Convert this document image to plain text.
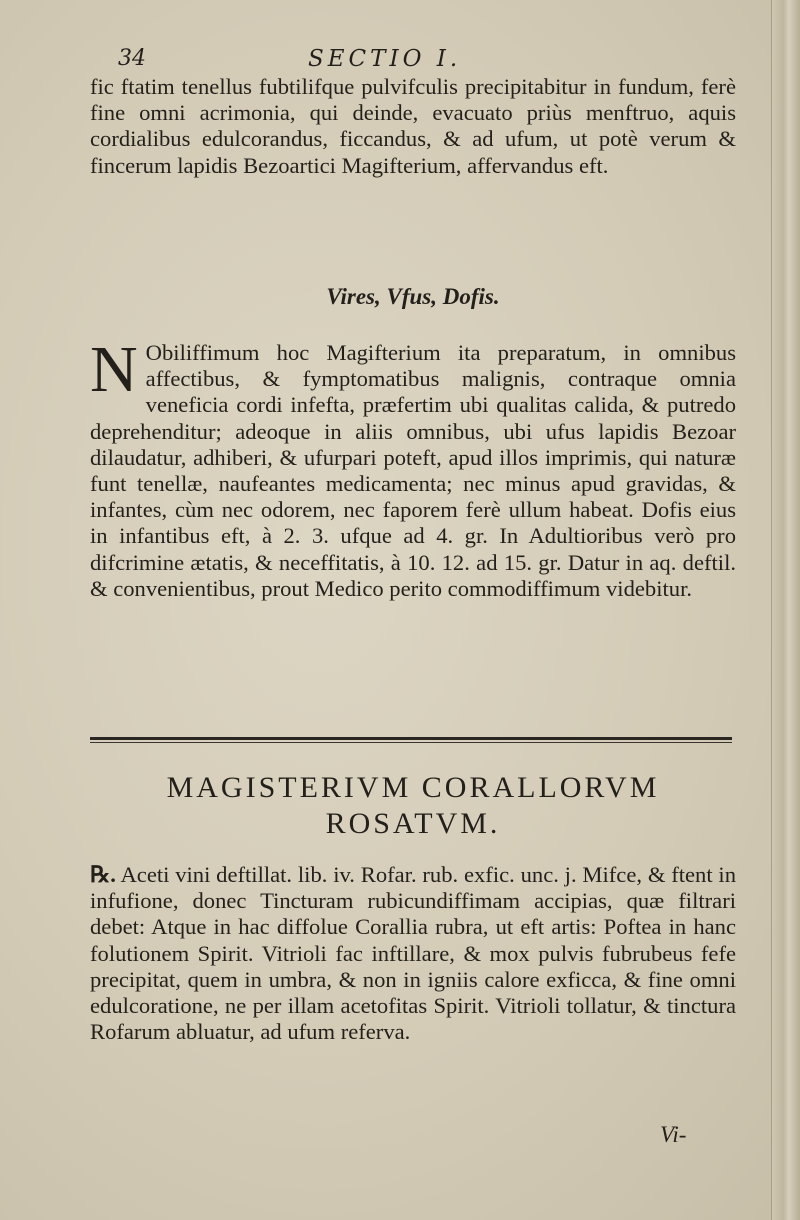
34	SECTIO I.
fic ftatim tenellus fubtilifque pulvifculis precipitabitur in fundum, ferè fine omni acrimonia, qui deinde, evacuato priùs menftruo, aquis cordialibus edulcorandus, ficcandus, & ad ufum, ut potè verum & fincerum lapidis Bezoartici Magifterium, affervandus eft.
Vires, Vfus, Dofis.
N Obiliffimum hoc Magifterium ita preparatum, in omnibus affectibus, & fymptomatibus malignis, contraque omnia veneficia cordi infefta, præfertim ubi qualitas calida, & putredo deprehenditur; adeoque in aliis omnibus, ubi ufus lapidis Bezoar dilaudatur, adhiberi, & ufurpari poteft, apud illos imprimis, qui naturæ funt tenellæ, naufeantes medicamenta; nec minus apud gravidas, & infantes, cùm nec odorem, nec faporem ferè ullum habeat. Dofis eius in infantibus eft, à 2. 3. ufque ad 4. gr. In Adultioribus verò pro difcrimine ætatis, & neceffitatis, à 10. 12. ad 15. gr. Datur in aq. deftil. & convenientibus, prout Medico perito commodiffimum videbitur.
MAGISTERIVM CORALLORVM
ROSATVM.
℞. Aceti vini deftillat. lib. iv. Rofar. rub. exfic. unc. j. Mifce, & ftent in infufione, donec Tincturam rubicundiffimam accipias, quæ filtrari debet: Atque in hac diffolue Corallia rubra, ut eft artis: Poftea in hanc folutionem Spirit. Vitrioli fac inftillare, & mox pulvis fubrubeus fefe precipitat, quem in umbra, & non in igniis calore exficca, & fine omni edulcoratione, ne per illam acetofitas Spirit. Vitrioli tollatur, & tinctura Rofarum abluatur, ad ufum referva.
Vi-
